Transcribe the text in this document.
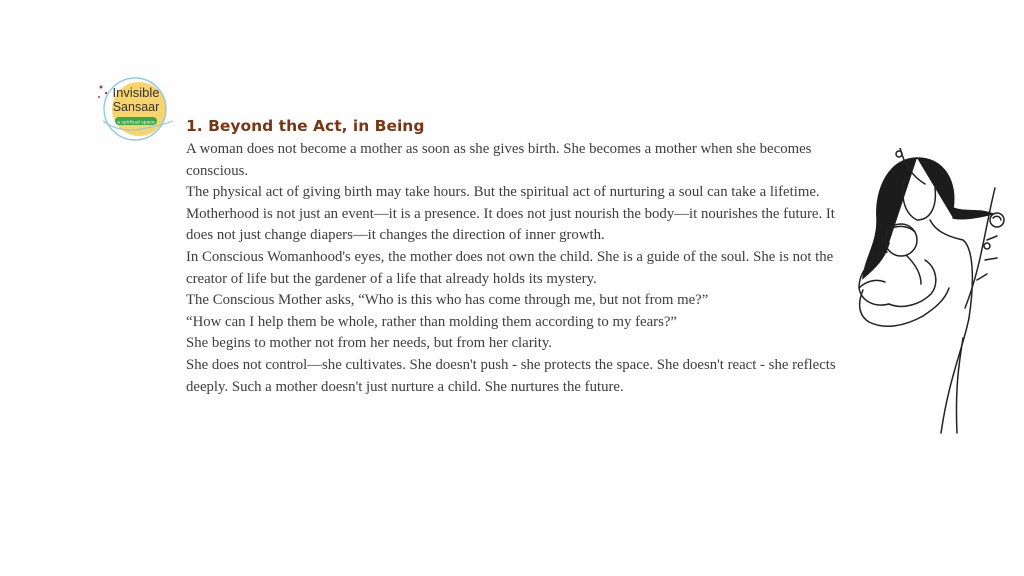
Invisible
Sansaar
a spiritual space 1. Beyond the Act, in Being

A woman does not become a mother as soon as she gives birth. She becomes a mother when she becomes conscious.

The physical act of giving birth may take hours. But the spiritual act of nurturing a soul can take a lifetime.

Motherhood is not just an event—it is a presence. It does not just nourish the body—it nourishes the future. It does not just change diapers—it changes the direction of inner growth.

In Conscious Womanhood's eyes, the mother does not own the child. She is a guide of the soul. She is not the creator of life but the gardener of a life that already holds its mystery.

The Conscious Mother asks, “Who is this who has come through me, but not from me?”

“How can I help them be whole, rather than molding them according to my fears?”

She begins to mother not from her needs, but from her clarity.

She does not control—she cultivates. She doesn't push - she protects the space. She doesn't react - she reflects deeply. Such a mother doesn't just nurture a child. She nurtures the future.
